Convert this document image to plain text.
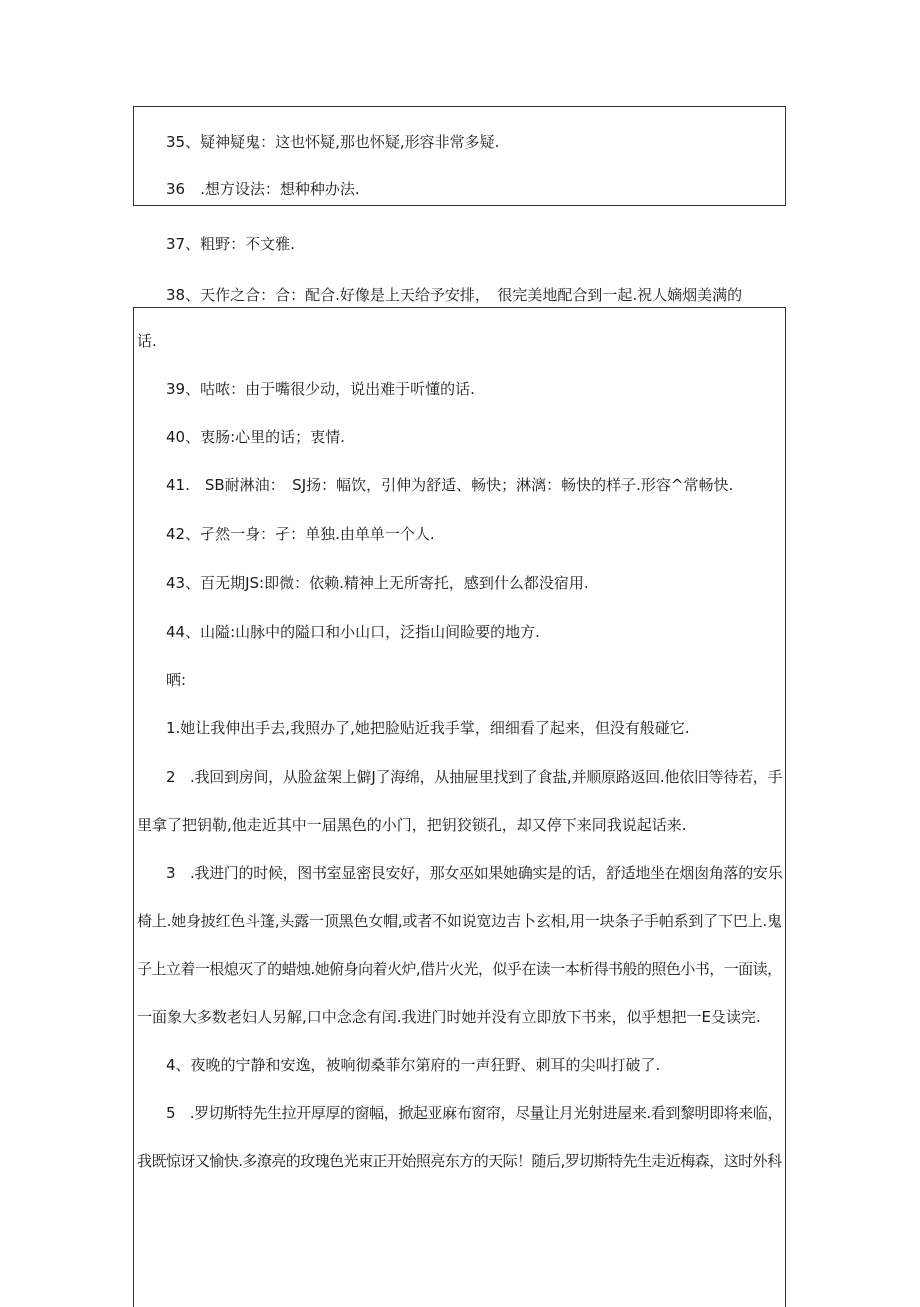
35、疑神疑鬼：这也怀疑,那也怀疑,形容非常多疑.
36　.想方设法：想种种办法.
37、粗野：不文雅.
38、天作之合：合：配合.好像是上天给予安排，　很完美地配合到一起.祝人嫡烟美满的
话.
39、咕哝：由于嘴很少动，说出难于听懂的话.
40、衷肠:心里的话；衷情.
41.　SB耐淋油：　SJ扬：幅饮，引伸为舒适、畅快；淋漓：畅快的样子.形容^常畅快.
42、孑然一身：孑：单独.由单单一个人.
43、百无期JS:即微：依赖.精神上无所寄托，感到什么都没宿用.
44、山隘:山脉中的隘口和小山口，泛指山间睑要的地方.
晒:
1.她让我伸出手去,我照办了,她把脸贴近我手掌，细细看了起来，但没有般碰它.
2　.我回到房间，从脸盆架上僻J了海绵，从抽屉里找到了食盐,并顺原路返回.他依旧等待若，手
里拿了把钥勒,他走近其中一届黑色的小门，把钥狡锁孔，却又停下来同我说起话来.
3　.我进门的时候，图书室显密艮安好，那女巫如果她确实是的话，舒适地坐在烟囱角落的安乐
椅上.她身披红色斗篷,头露一顶黑色女帽,或者不如说宽边吉卜玄相,用一块条子手帕系到了下巴上.鬼
子上立着一根熄灭了的蜡烛.她俯身向着火炉,借片火光，似乎在读一本析得书般的照色小书，一面读，
一面象大多数老妇人另解,口中念念有闰.我进门时她并没有立即放下书来，似乎想把一E殳读完.
4、夜晚的宁静和安逸，被响彻桑菲尔第府的一声狂野、刺耳的尖叫打破了.
5　.罗切斯特先生拉开厚厚的窗幅，掀起亚麻布窗帘，尽量让月光射进屋来.看到黎明即将来临，
我既惊讶又愉快.多潦亮的玫瑰色光束正开始照亮东方的天际！随后,罗切斯特先生走近梅森，这时外科
